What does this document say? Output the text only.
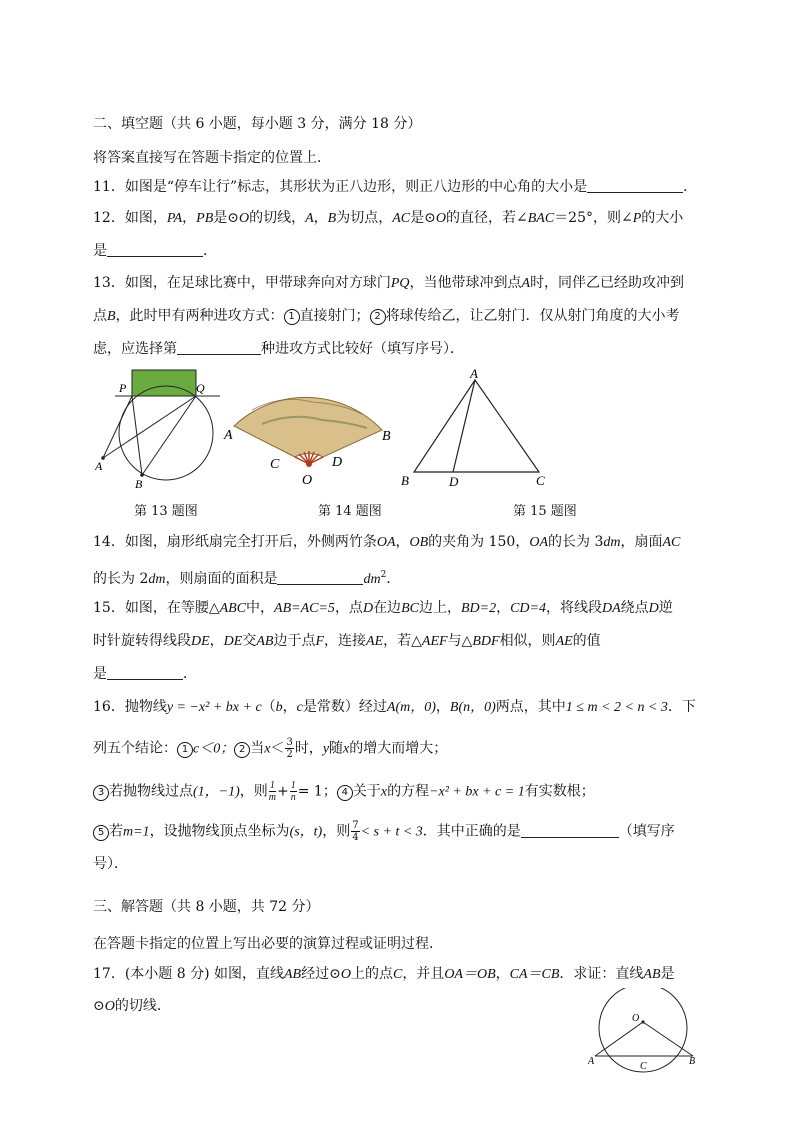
二、填空题（共 6 小题，每小题 3 分，满分 18 分）
将答案直接写在答题卡指定的位置上．
11．如图是“停车让行”标志，其形状为正八边形，则正八边形的中心角的大小是	．
12．如图，PA，PB是⊙O的切线，A，B为切点，AC是⊙O的直径，若∠BAC＝25°，则∠P的大小
是	．
13．如图，在足球比赛中，甲带球奔向对方球门PQ，当他带球冲到点A时，同伴乙已经助攻冲到
点B，此时甲有两种进攻方式： 1 直接射门； 2 将球传给乙，让乙射门．仅从射门角度的大小考
虑，应选择第	种进攻方式比较好（填写序号）．
P	Q
A
B
A	B
C	D
O
A
B	D	C
第 13 题图	第 14 题图	第 15 题图
14．如图，扇形纸扇完全打开后，外侧两竹条OA，OB的夹角为 150，OA的长为 3dm，扇面AC
的长为 2dm，则扇面的面积是	$dm^2$．
15．如图，在等腰△ABC中，AB=AC=5，点D在边BC边上，BD=2，CD=4，将线段DA绕点D逆
时针旋转得线段DE，DE交AB边于点F，连接AE，若△AEF与△BDF相似，则AE的值
是	．
16．抛物线y = −x² + bx + c（b，c是常数）经过A(m，0)，B(n，0)两点，其中1 ≤ m < 2 < n < 3．下
列五个结论： 1 c＜0； 2 当$x< \frac{3}{2}$ 时，y随x的增大而增大；
3 若抛物线过点(1，−1)，则 $\frac{1}{m} + \frac{1}{n} = 1$； 4 关于x的方程−x² + bx + c = 1有实数根；
5 若m=1，设抛物线顶点坐标为(s，t)，则 $\frac{7}{4} < s + t < 3$．其中正确的是	（填写序
号）．
三、解答题（共 8 小题，共 72 分）
在答题卡指定的位置上写出必要的演算过程或证明过程．
17．(本小题 8 分) 如图，直线AB经过⊙O上的点C，并且OA＝OB，CA＝CB．求证：直线AB是
⊙O的切线．
O
A	B
C
